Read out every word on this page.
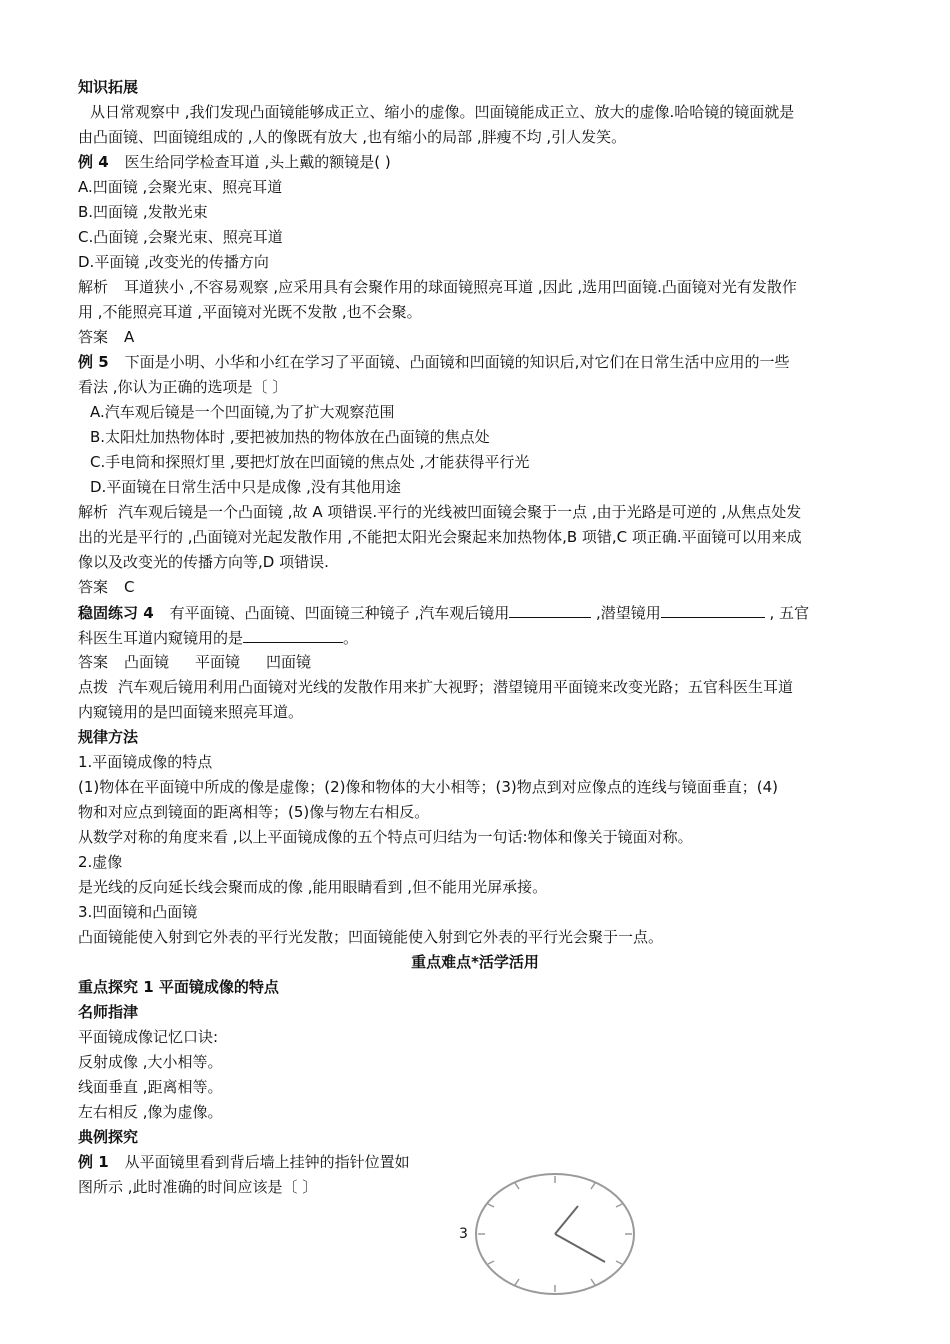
知识拓展
从日常观察中 ,我们发现凸面镜能够成正立、缩小的虚像。凹面镜能成正立、放大的虚像.哈哈镜的镜面就是
由凸面镜、凹面镜组成的 ,人的像既有放大 ,也有缩小的局部 ,胖瘦不均 ,引人发笑。
例 4 医生给同学检查耳道 ,头上戴的额镜是( )
A.凹面镜 ,会聚光束、照亮耳道
B.凹面镜 ,发散光束
C.凸面镜 ,会聚光束、照亮耳道
D.平面镜 ,改变光的传播方向
解析 耳道狭小 ,不容易观察 ,应采用具有会聚作用的球面镜照亮耳道 ,因此 ,选用凹面镜.凸面镜对光有发散作
用 ,不能照亮耳道 ,平面镜对光既不发散 ,也不会聚。
答案 A
例 5 下面是小明、小华和小红在学习了平面镜、凸面镜和凹面镜的知识后,对它们在日常生活中应用的一些
看法 ,你认为正确的选项是〔 〕
A.汽车观后镜是一个凹面镜,为了扩大观察范围
B.太阳灶加热物体时 ,要把被加热的物体放在凸面镜的焦点处
C.手电筒和探照灯里 ,要把灯放在凹面镜的焦点处 ,才能获得平行光
D.平面镜在日常生活中只是成像 ,没有其他用途
解析 汽车观后镜是一个凸面镜 ,故 A 项错误.平行的光线被凹面镜会聚于一点 ,由于光路是可逆的 ,从焦点处发
出的光是平行的 ,凸面镜对光起发散作用 ,不能把太阳光会聚起来加热物体,B 项错,C 项正确.平面镜可以用来成
像以及改变光的传播方向等,D 项错误.
答案 C
稳固练习 4 有平面镜、凸面镜、凹面镜三种镜子 ,汽车观后镜用	,潜望镜用	, 五官
科医生耳道内窥镜用的是	。
答案 凸面镜 平面镜 凹面镜
点拨 汽车观后镜用利用凸面镜对光线的发散作用来扩大视野；潜望镜用平面镜来改变光路；五官科医生耳道
内窥镜用的是凹面镜来照亮耳道。
规律方法
1.平面镜成像的特点
(1)物体在平面镜中所成的像是虚像；(2)像和物体的大小相等；(3)物点到对应像点的连线与镜面垂直；(4)
物和对应点到镜面的距离相等；(5)像与物左右相反。
从数学对称的角度来看 ,以上平面镜成像的五个特点可归结为一句话:物体和像关于镜面对称。
2.虚像
是光线的反向延长线会聚而成的像 ,能用眼睛看到 ,但不能用光屏承接。
3.凹面镜和凸面镜
凸面镜能使入射到它外表的平行光发散；凹面镜能使入射到它外表的平行光会聚于一点。
重点难点*活学活用
重点探究 1 平面镜成像的特点
名师指津
平面镜成像记忆口诀:
反射成像 ,大小相等。
线面垂直 ,距离相等。
左右相反 ,像为虚像。
典例探究
例 1 从平面镜里看到背后墙上挂钟的指针位置如
图所示 ,此时准确的时间应该是〔 〕
3
